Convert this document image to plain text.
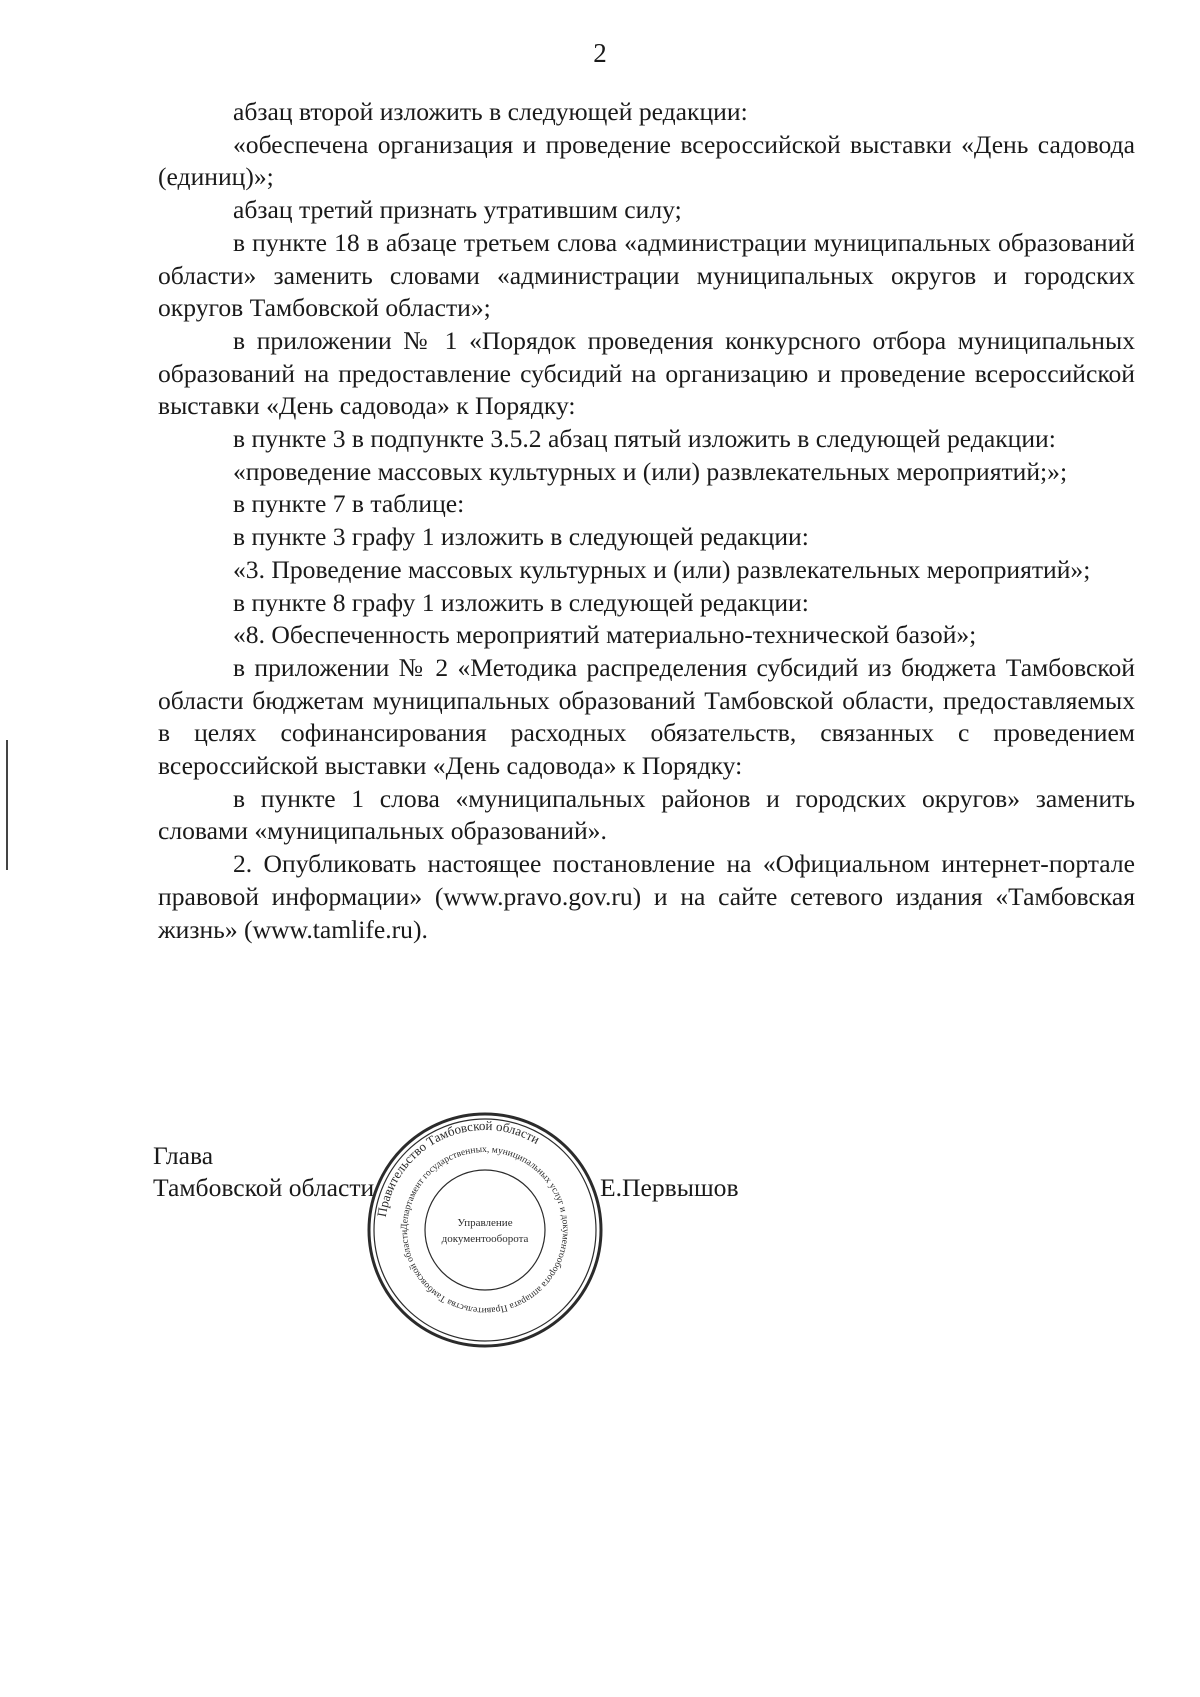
2

абзац второй изложить в следующей редакции:

«обеспечена организация и проведение всероссийской выставки «День садовода (единиц)»;

абзац третий признать утратившим силу;

в пункте 18 в абзаце третьем слова «администрации муниципальных образований области» заменить словами «администрации муниципальных округов и городских округов Тамбовской области»;

в приложении № 1 «Порядок проведения конкурсного отбора муниципальных образований на предоставление субсидий на организацию и проведение всероссийской выставки «День садовода» к Порядку:

в пункте 3 в подпункте 3.5.2 абзац пятый изложить в следующей редакции:

«проведение массовых культурных и (или) развлекательных мероприятий;»;

в пункте 7 в таблице:

в пункте 3 графу 1 изложить в следующей редакции:

«3. Проведение массовых культурных и (или) развлекательных мероприятий»;

в пункте 8 графу 1 изложить в следующей редакции:

«8. Обеспеченность мероприятий материально-технической базой»;

в приложении № 2 «Методика распределения субсидий из бюджета Тамбовской области бюджетам муниципальных образований Тамбовской области, предоставляемых в целях софинансирования расходных обязательств, связанных с проведением всероссийской выставки «День садовода» к Порядку:

в пункте 1 слова «муниципальных районов и городских округов» заменить словами «муниципальных образований».

2. Опубликовать настоящее постановление на «Официальном интернет-портале правовой информации» (www.pravo.gov.ru) и на сайте сетевого издания «Тамбовская жизнь» (www.tamlife.ru).

Глава
Тамбовской области	Е.Первышов
Правительство Тамбовской области
Департамент государственных, муниципальных услуг и документооборота аппарата Правительства Тамбовской области
Управление
документооборота
